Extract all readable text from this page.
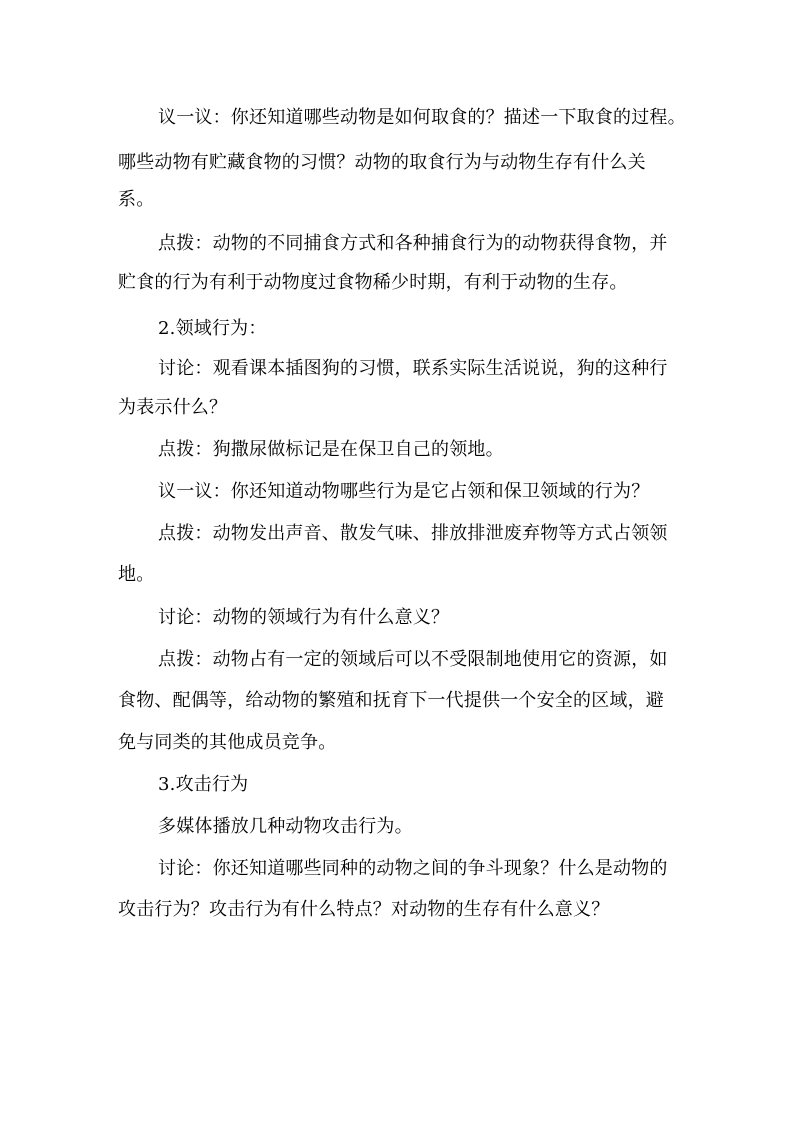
议一议：你还知道哪些动物是如何取食的？描述一下取食的过程。
哪些动物有贮藏食物的习惯？动物的取食行为与动物生存有什么关
系。
点拨：动物的不同捕食方式和各种捕食行为的动物获得食物，并
贮食的行为有利于动物度过食物稀少时期，有利于动物的生存。
2.领域行为：
讨论：观看课本插图狗的习惯，联系实际生活说说，狗的这种行
为表示什么？
点拨：狗撒尿做标记是在保卫自己的领地。
议一议：你还知道动物哪些行为是它占领和保卫领域的行为？
点拨：动物发出声音、散发气味、排放排泄废弃物等方式占领领
地。
讨论：动物的领域行为有什么意义？
点拨：动物占有一定的领域后可以不受限制地使用它的资源，如
食物、配偶等，给动物的繁殖和抚育下一代提供一个安全的区域，避
免与同类的其他成员竞争。
3.攻击行为
多媒体播放几种动物攻击行为。
讨论：你还知道哪些同种的动物之间的争斗现象？什么是动物的
攻击行为？攻击行为有什么特点？对动物的生存有什么意义？
